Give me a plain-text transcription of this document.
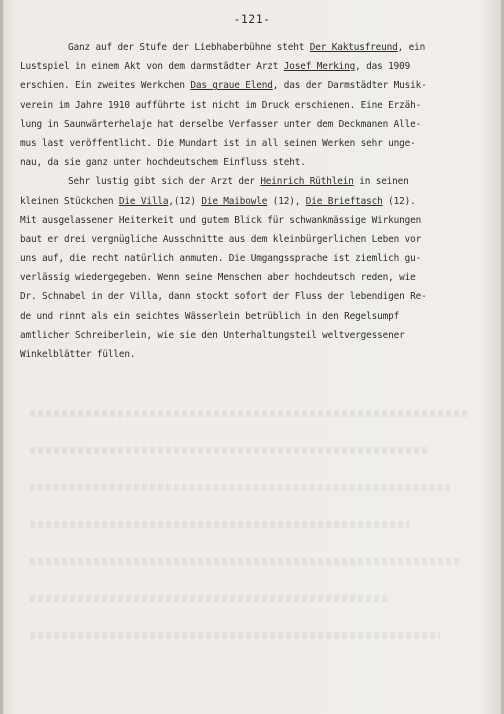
-121-
Ganz auf der Stufe der Liebhaberbühne steht Der Kaktusfreund, ein
Lustspiel in einem Akt von dem darmstädter Arzt Josef Merking, das 1909
erschien. Ein zweites Werkchen Das graue Elend, das der Darmstädter Musik-
verein im Jahre 1910 aufführte ist nicht im Druck erschienen. Eine Erzäh-
lung in Saunwärterhelaje hat derselbe Verfasser unter dem Deckmanen Alle-
mus last veröffentlicht. Die Mundart ist in all seinen Werken sehr unge-
nau, da sie ganz unter hochdeutschem Einfluss steht.
Sehr lustig gibt sich der Arzt der Heinrich Rüthlein in seinen
kleinen Stückchen Die Villa,(12) Die Maibowle (12), Die Brieftasch (12).
Mit ausgelassener Heiterkeit und gutem Blick für schwankmässige Wirkungen
baut er drei vergnügliche Ausschnitte aus dem kleinbürgerlichen Leben vor
uns auf, die recht natürlich anmuten. Die Umgangssprache ist ziemlich gu-
verlässig wiedergegeben. Wenn seine Menschen aber hochdeutsch reden, wie
Dr. Schnabel in der Villa, dann stockt sofort der Fluss der lebendigen Re-
de und rinnt als ein seichtes Wässerlein betrüblich in den Regelsumpf
amtlicher Schreiberlein, wie sie den Unterhaltungsteil weltvergessener
Winkelblätter füllen.
